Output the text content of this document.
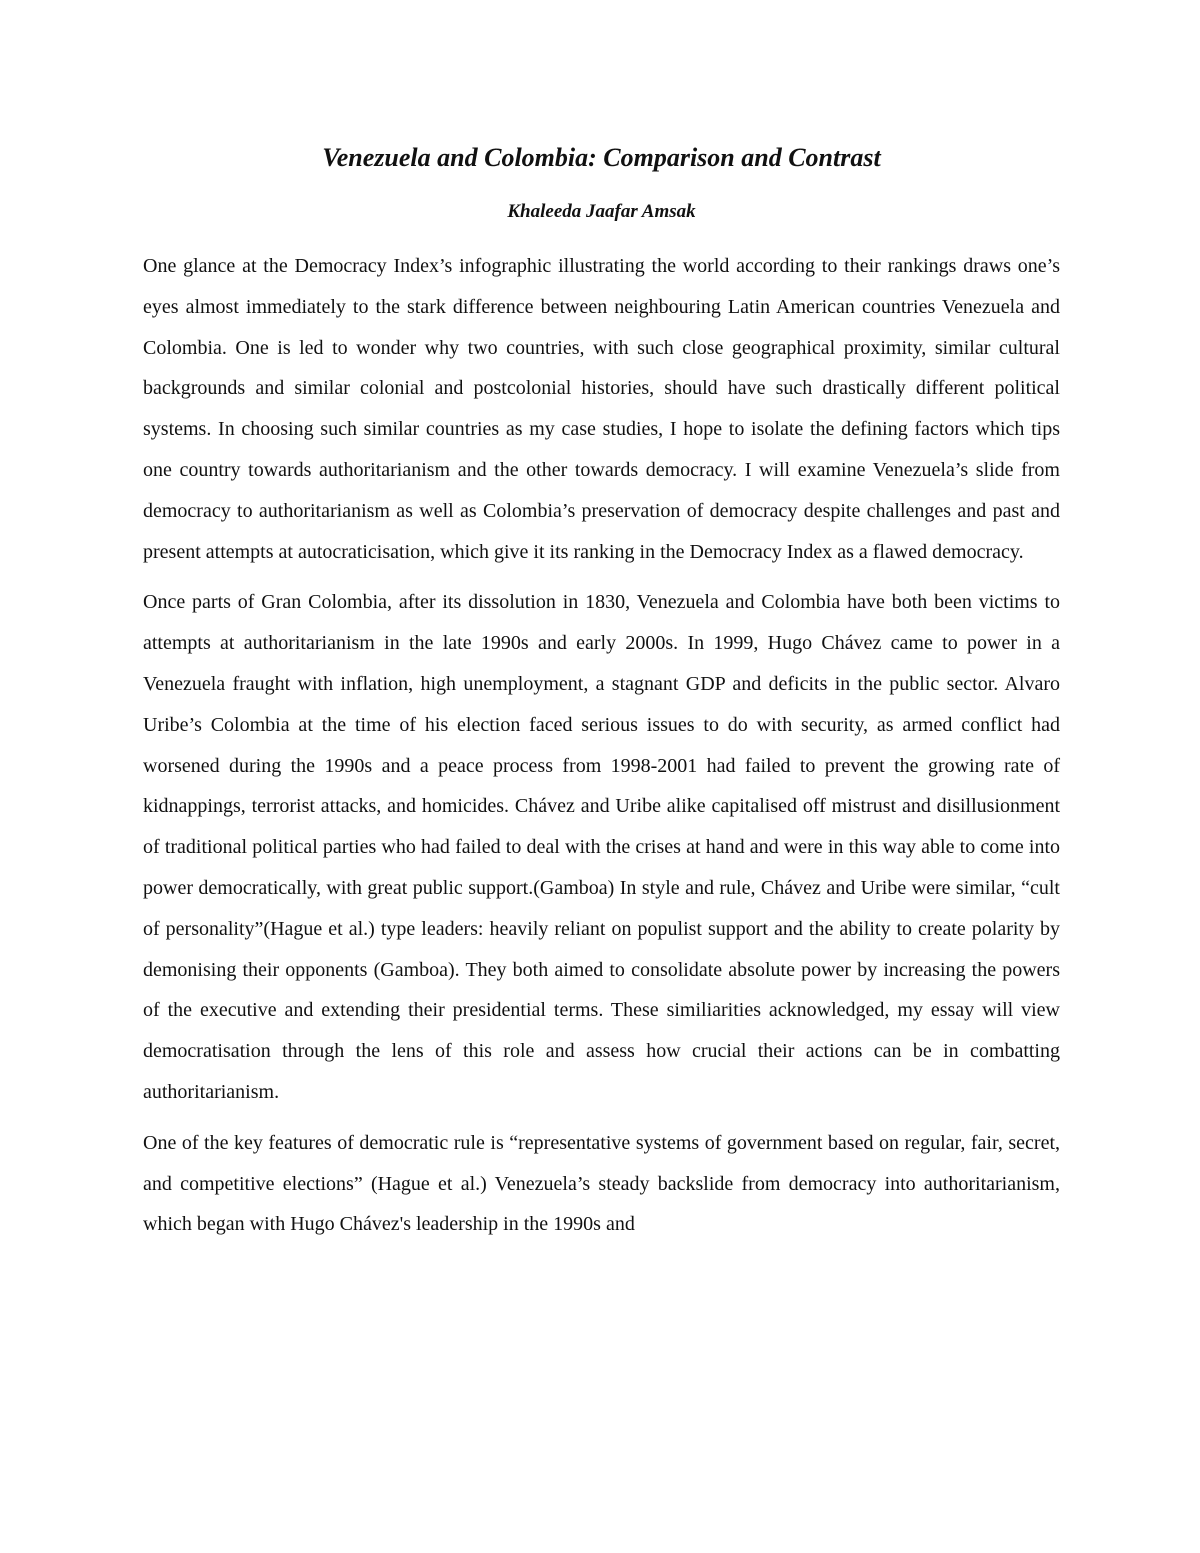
Venezuela and Colombia: Comparison and Contrast
Khaleeda Jaafar Amsak

One glance at the Democracy Index’s infographic illustrating the world according to their rankings draws one’s eyes almost immediately to the stark difference between neighbouring Latin American countries Venezuela and Colombia. One is led to wonder why two countries, with such close geographical proximity, similar cultural backgrounds and similar colonial and postcolonial histories, should have such drastically different political systems. In choosing such similar countries as my case studies, I hope to isolate the defining factors which tips one country towards authoritarianism and the other towards democracy. I will examine Venezuela’s slide from democracy to authoritarianism as well as Colombia’s preservation of democracy despite challenges and past and present attempts at autocraticisation, which give it its ranking in the Democracy Index as a flawed democracy.

Once parts of Gran Colombia, after its dissolution in 1830, Venezuela and Colombia have both been victims to attempts at authoritarianism in the late 1990s and early 2000s. In 1999, Hugo Chávez came to power in a Venezuela fraught with inflation, high unemployment, a stagnant GDP and deficits in the public sector. Alvaro Uribe’s Colombia at the time of his election faced serious issues to do with security, as armed conflict had worsened during the 1990s and a peace process from 1998-2001 had failed to prevent the growing rate of kidnappings, terrorist attacks, and homicides. Chávez and Uribe alike capitalised off mistrust and disillusionment of traditional political parties who had failed to deal with the crises at hand and were in this way able to come into power democratically, with great public support.(Gamboa) In style and rule, Chávez and Uribe were similar, “cult of personality”(Hague et al.) type leaders: heavily reliant on populist support and the ability to create polarity by demonising their opponents (Gamboa). They both aimed to consolidate absolute power by increasing the powers of the executive and extending their presidential terms. These similiarities acknowledged, my essay will view democratisation through the lens of this role and assess how crucial their actions can be in combatting authoritarianism.

One of the key features of democratic rule is “representative systems of government based on regular, fair, secret, and competitive elections” (Hague et al.) Venezuela’s steady backslide from democracy into authoritarianism, which began with Hugo Chávez's leadership in the 1990s and
